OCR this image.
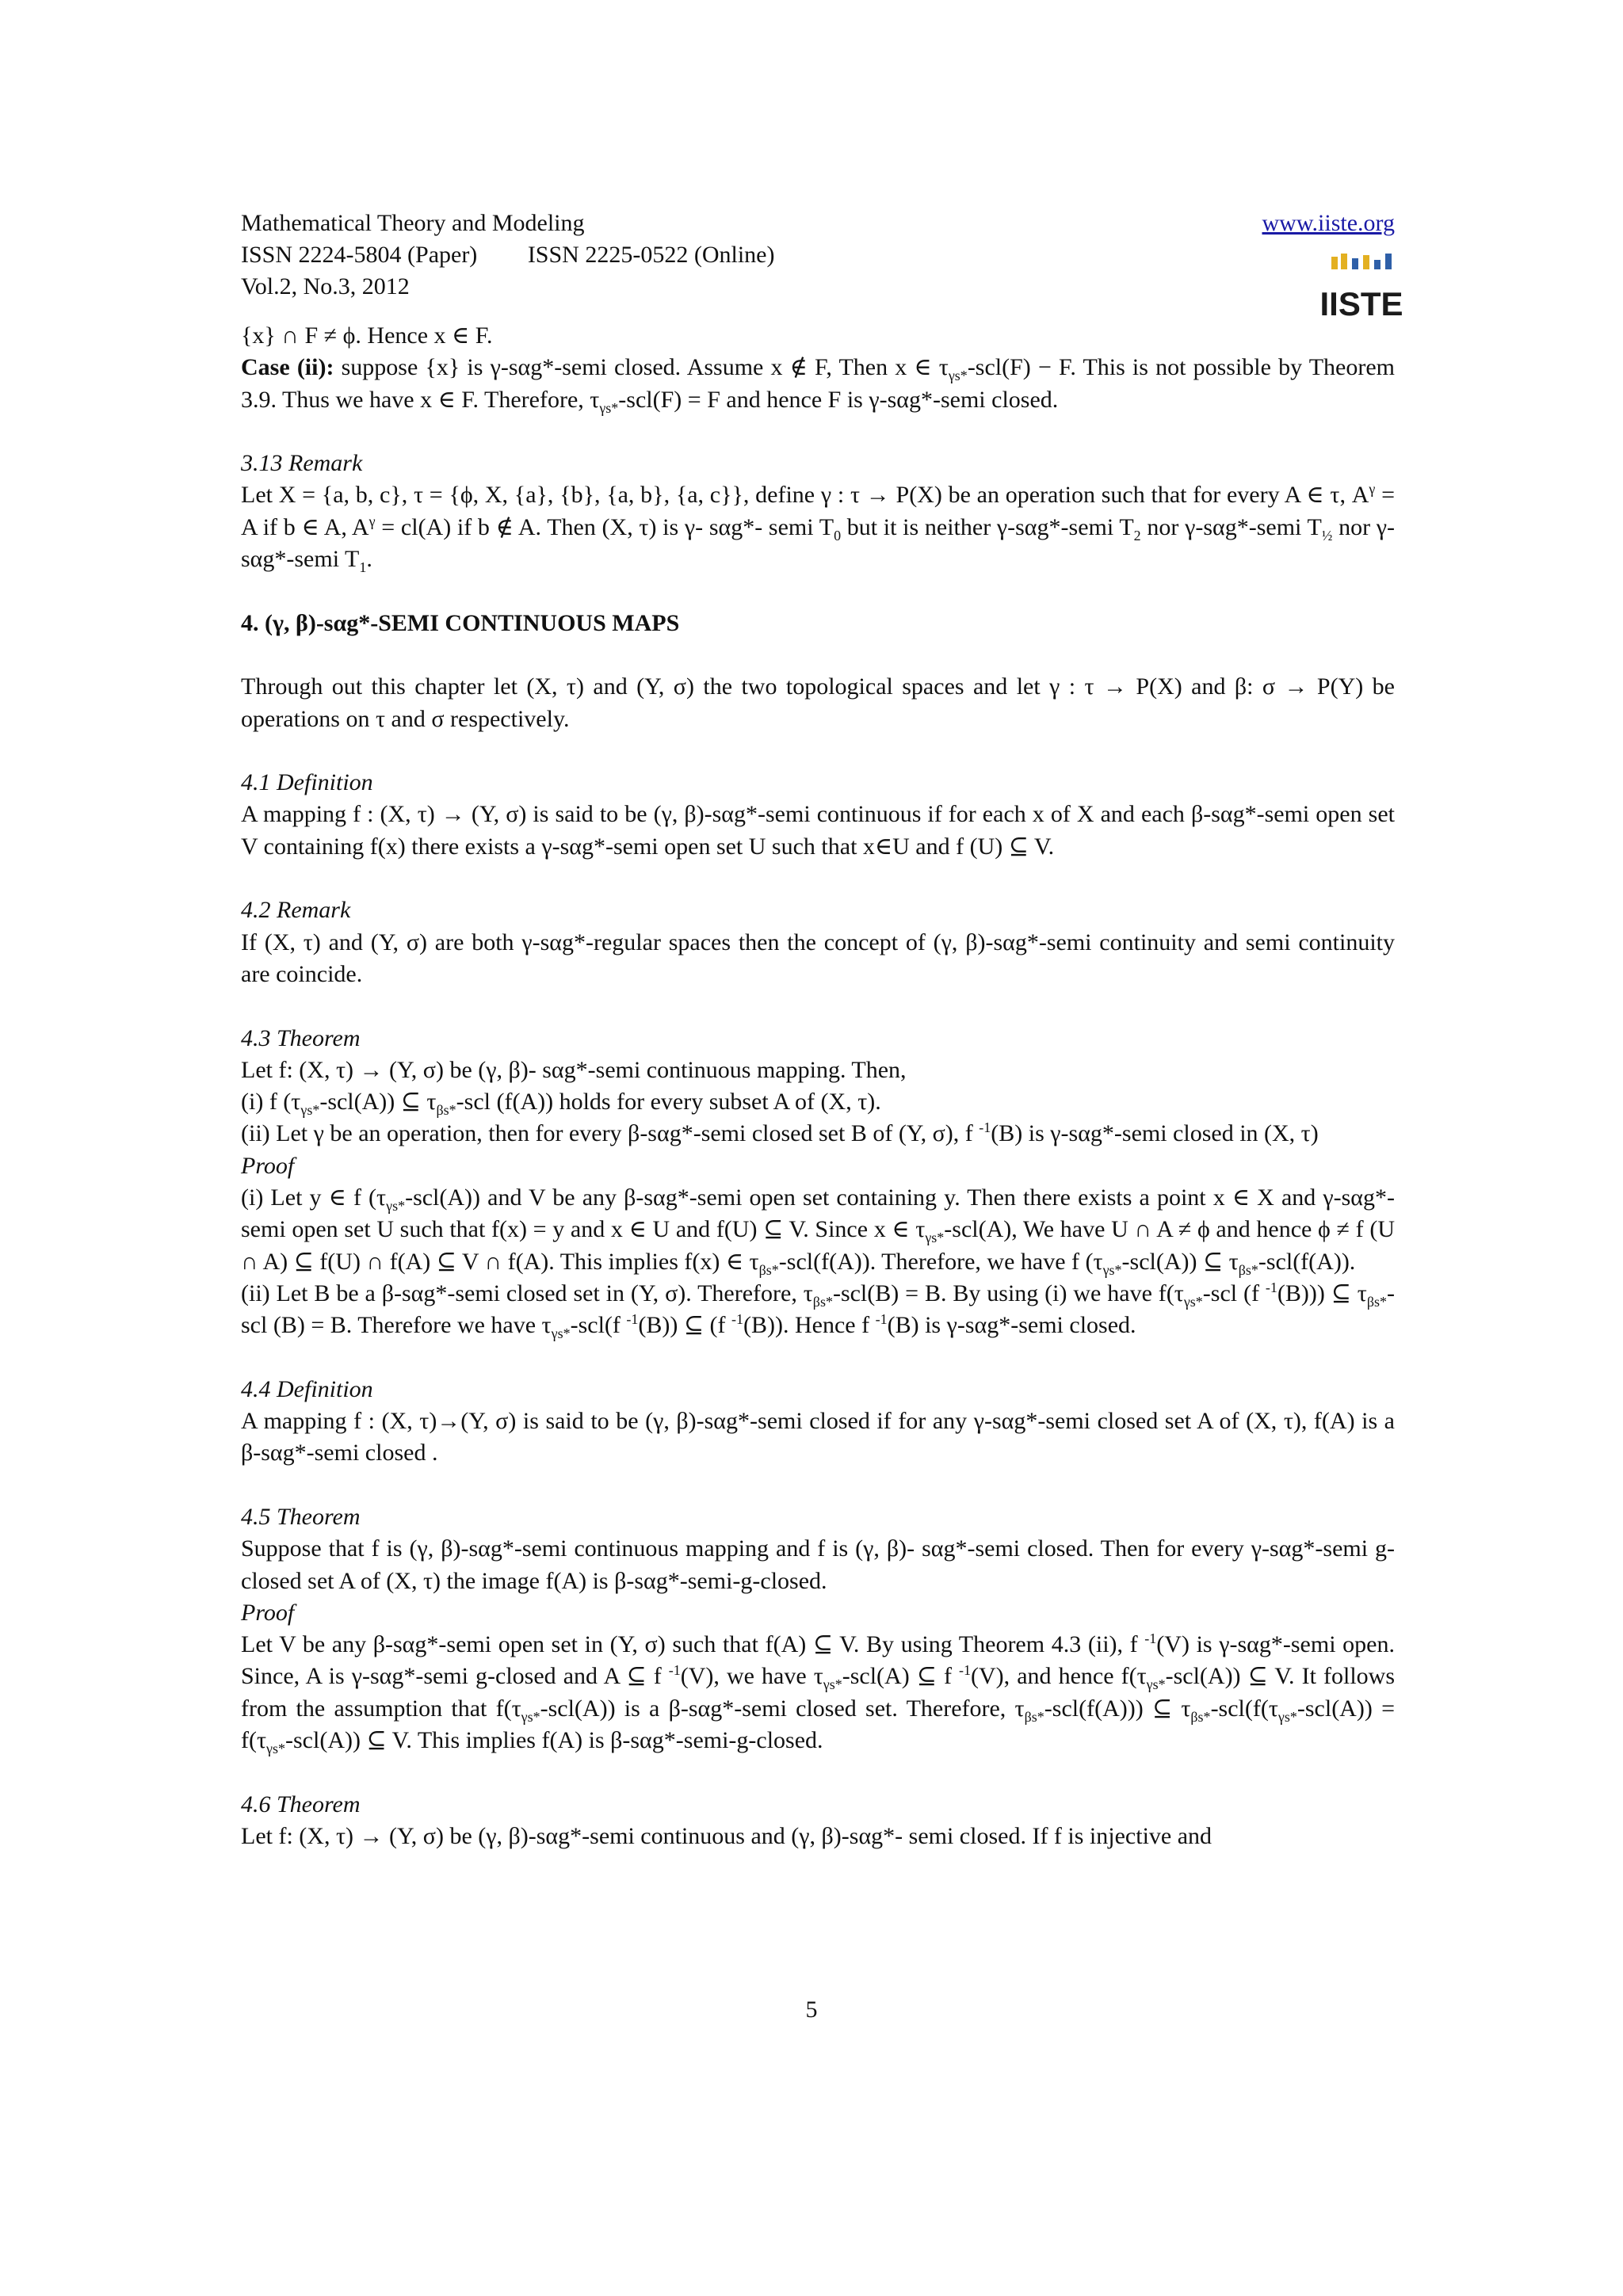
Mathematical Theory and Modeling	www.iiste.org
ISSN 2224-5804 (Paper) ISSN 2225-0522 (Online)
Vol.2, No.3, 2012	IISTE

{x} ∩ F ≠ ϕ. Hence x ∈ F.

Case (ii): suppose {x} is γ-sαg*-semi closed. Assume x ∉ F, Then x ∈ $\tau_{\gamma s*}-scl(F) - F$. This is not possible by Theorem 3.9. Thus we have x ∈ F. Therefore, $\tau_{\gamma s*}-scl(F) = F$ and hence F is γ-sαg*-semi closed.

3.13 Remark

Let X = {a, b, c}, τ = {ϕ, X, {a}, {b}, {a, b}, {a, c}}, define γ : τ → P(X) be an operation such that for every A ∈ τ, $A^\gamma = A$ if b ∈ A, $A^\gamma = cl(A)$ if b ∉ A. Then (X, τ) is γ- sαg*- semi $T_0$ but it is neither γ-sαg*-semi $T_2$ nor γ-sαg*-semi $T_{\frac{1}{2}}$ nor γ-sαg*-semi $T_1$.

4. (γ, β)-sαg*-SEMI CONTINUOUS MAPS

Through out this chapter let (X, τ) and (Y, σ) the two topological spaces and let γ : τ → P(X) and β: σ → P(Y) be operations on τ and σ respectively.

4.1 Definition

A mapping f : (X, τ) → (Y, σ) is said to be (γ, β)-sαg*-semi continuous if for each x of X and each β-sαg*-semi open set V containing f(x) there exists a γ-sαg*-semi open set U such that x∈U and f (U) ⊆ V.

4.2 Remark

If (X, τ) and (Y, σ) are both γ-sαg*-regular spaces then the concept of (γ, β)-sαg*-semi continuity and semi continuity are coincide.

4.3 Theorem

Let f: (X, τ) → (Y, σ) be (γ, β)- sαg*-semi continuous mapping. Then,

(i) f $(\tau_{\gamma s*}-scl(A))$ ⊆ $\tau_{\beta s*}$-scl (f(A)) holds for every subset A of (X, τ).

(ii) Let γ be an operation, then for every β-sαg*-semi closed set B of (Y, σ), f $^{-1}$(B) is γ-sαg*-semi closed in (X, τ)

Proof

(i) Let y ∈ f $(\tau_{\gamma s*}-scl(A))$ and V be any β-sαg*-semi open set containing y. Then there exists a point x ∈ X and γ-sαg*-semi open set U such that f(x) = y and x ∈ U and f(U) ⊆ V. Since x ∈ $\tau_{\gamma s*}-scl(A)$, We have U ∩ A ≠ ϕ and hence ϕ ≠ f (U ∩ A) ⊆ f(U) ∩ f(A) ⊆ V ∩ f(A). This implies f(x) ∈ $\tau_{\beta s*}-scl(f(A))$. Therefore, we have f $(\tau_{\gamma s*}-scl(A))$ ⊆ $\tau_{\beta s*}-scl(f(A))$.

(ii) Let B be a β-sαg*-semi closed set in (Y, σ). Therefore, $\tau_{\beta s*}-scl(B) = B$. By using (i) we have $f(\tau_{\gamma s*}$-scl (f $^{-1}$(B))) ⊆ $\tau_{\beta s*}$-scl (B) = B. Therefore we have $\tau_{\gamma s*}-scl(f$ $^{-1}$(B)) ⊆ (f $^{-1}$(B)). Hence f $^{-1}$(B) is γ-sαg*-semi closed.

4.4 Definition

A mapping f : (X, τ)→(Y, σ) is said to be (γ, β)-sαg*-semi closed if for any γ-sαg*-semi closed set A of (X, τ), f(A) is a β-sαg*-semi closed .

4.5 Theorem

Suppose that f is (γ, β)-sαg*-semi continuous mapping and f is (γ, β)- sαg*-semi closed. Then for every γ-sαg*-semi g-closed set A of (X, τ) the image f(A) is β-sαg*-semi-g-closed.

Proof

Let V be any β-sαg*-semi open set in (Y, σ) such that f(A) ⊆ V. By using Theorem 4.3 (ii), f $^{-1}$(V) is γ-sαg*-semi open. Since, A is γ-sαg*-semi g-closed and A ⊆ f $^{-1}$(V), we have $\tau_{\gamma s*}-scl(A)$ ⊆ f $^{-1}$(V), and hence $f(\tau_{\gamma s*}-scl(A))$ ⊆ V. It follows from the assumption that $f(\tau_{\gamma s*}-scl(A))$ is a β-sαg*-semi closed set. Therefore, $\tau_{\beta s*}-scl(f(A))$) ⊆ $\tau_{\beta s*}-scl(f(\tau_{\gamma s*}-scl(A)) = f(\tau_{\gamma s*}-scl(A))$ ⊆ V. This implies f(A) is β-sαg*-semi-g-closed.

4.6 Theorem

Let f: (X, τ) → (Y, σ) be (γ, β)-sαg*-semi continuous and (γ, β)-sαg*- semi closed. If f is injective and

5
